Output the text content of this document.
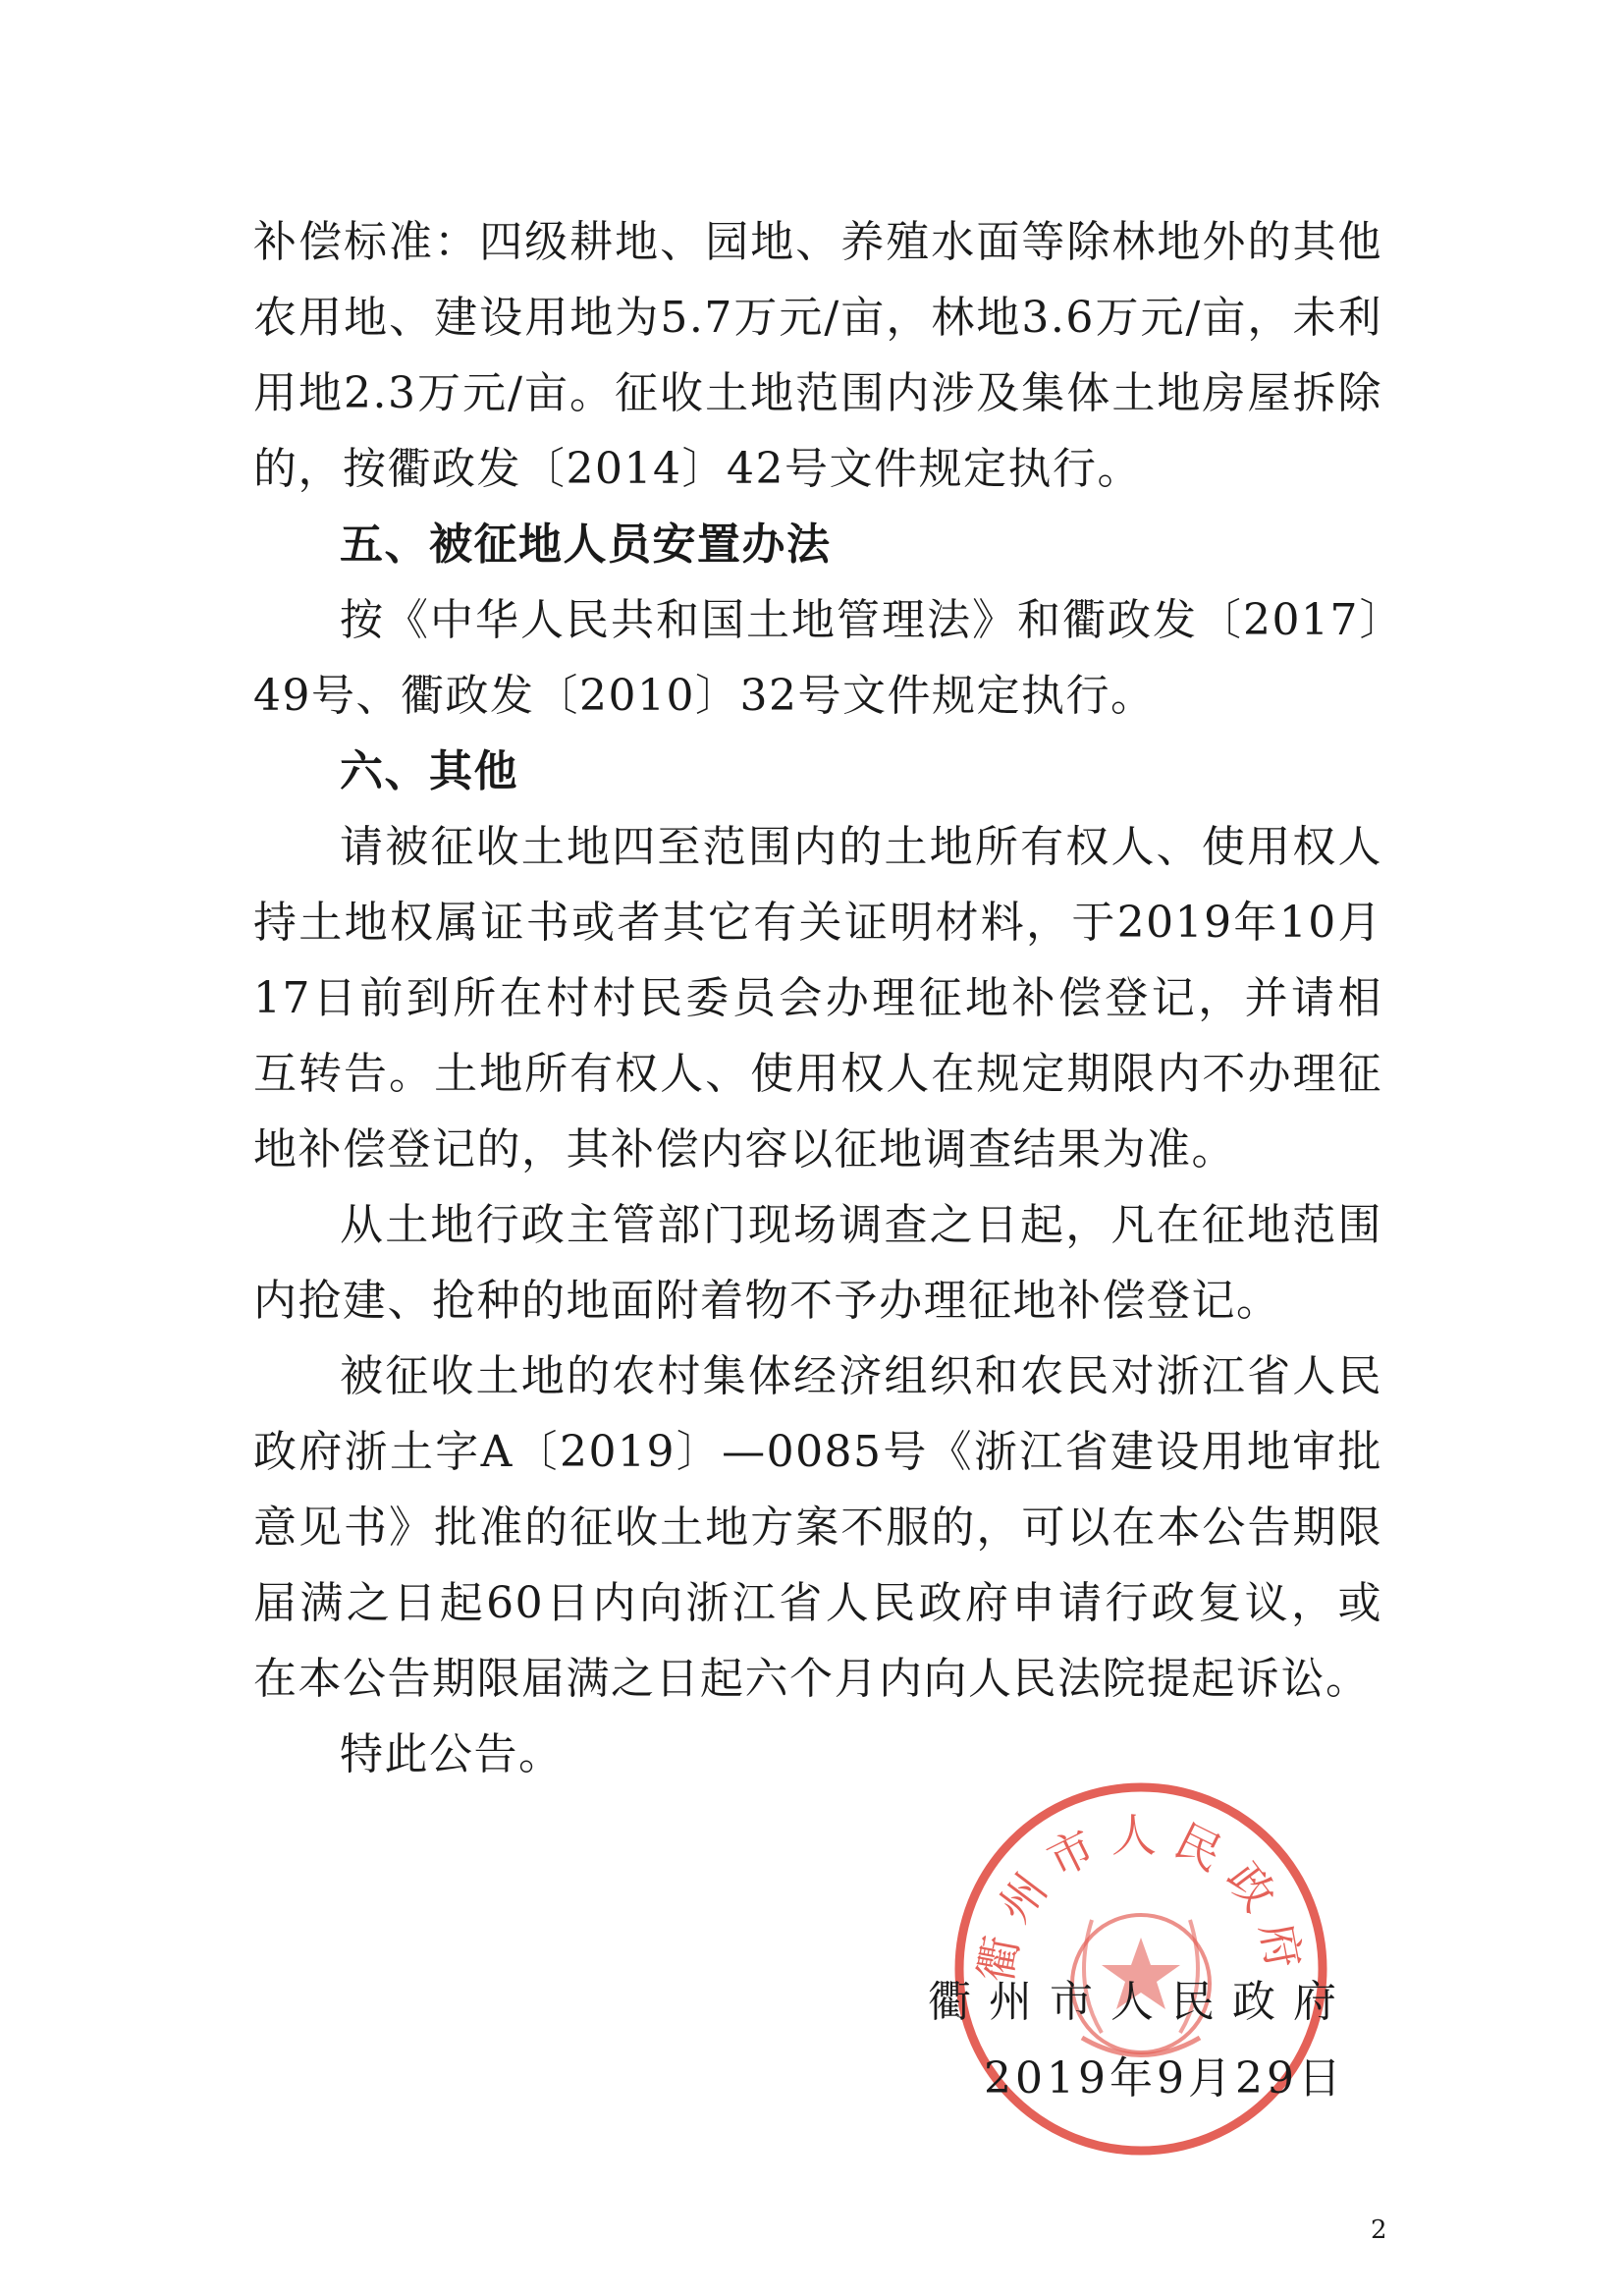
补偿标准：四级耕地、园地、养殖水面等除林地外的其他农用地、建设用地为5.7万元/亩，林地3.6万元/亩，未利用地2.3万元/亩。征收土地范围内涉及集体土地房屋拆除的，按衢政发〔2014〕42号文件规定执行。

五、被征地人员安置办法

按《中华人民共和国土地管理法》和衢政发〔2017〕49号、衢政发〔2010〕32号文件规定执行。

六、其他

请被征收土地四至范围内的土地所有权人、使用权人持土地权属证书或者其它有关证明材料，于2019年10月17日前到所在村村民委员会办理征地补偿登记，并请相互转告。土地所有权人、使用权人在规定期限内不办理征地补偿登记的，其补偿内容以征地调查结果为准。

从土地行政主管部门现场调查之日起，凡在征地范围内抢建、抢种的地面附着物不予办理征地补偿登记。

被征收土地的农村集体经济组织和农民对浙江省人民政府浙土字A〔2019〕—0085号《浙江省建设用地审批意见书》批准的征收土地方案不服的，可以在本公告期限届满之日起60日内向浙江省人民政府申请行政复议，或在本公告期限届满之日起六个月内向人民法院提起诉讼。

特此公告。

衢州市人民政府
衢州市人民政府
2019年9月29日
2
